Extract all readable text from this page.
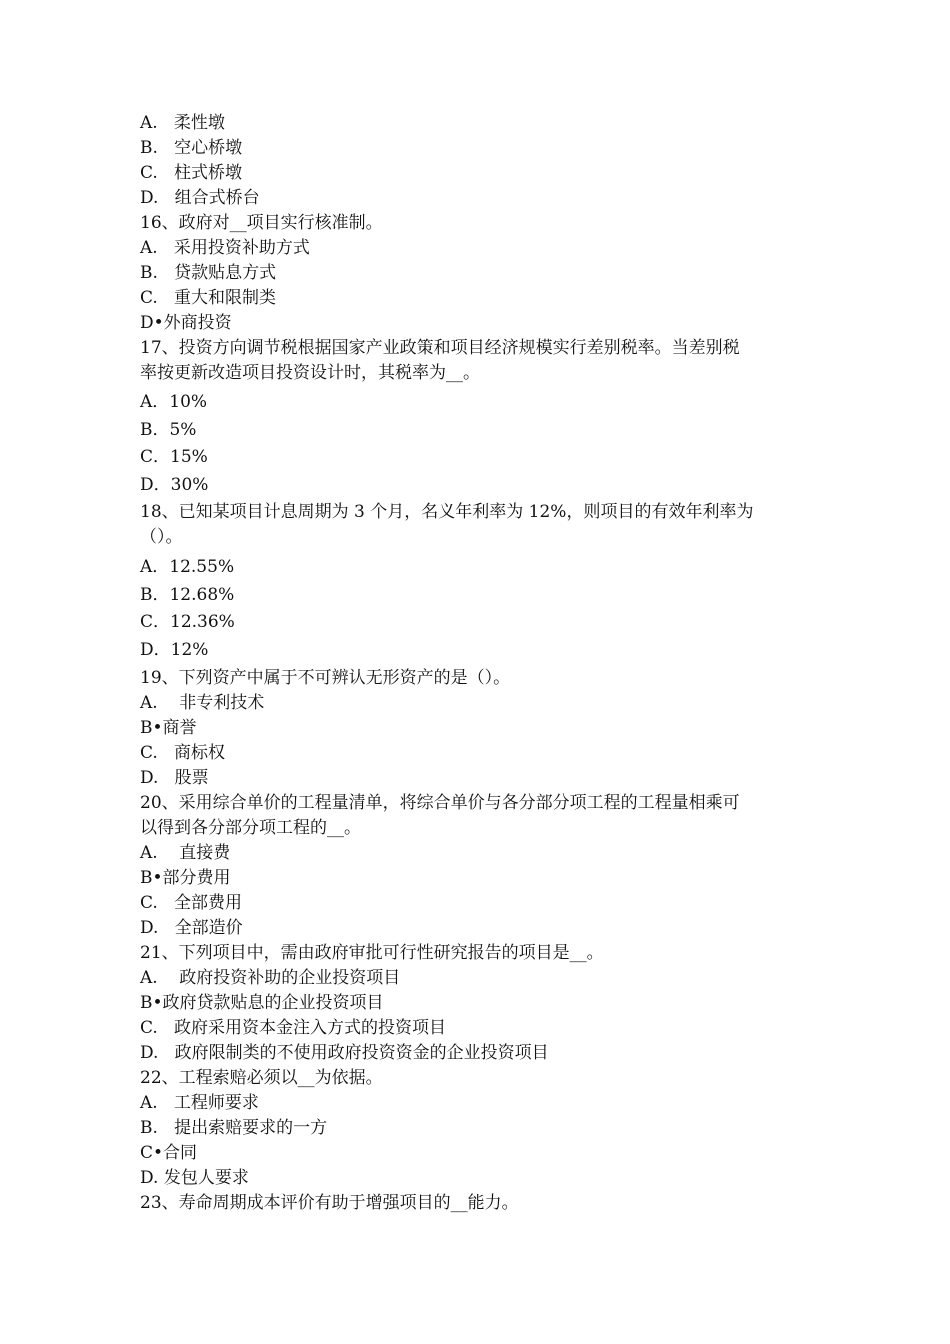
A.   柔性墩
B.   空心桥墩
C.   柱式桥墩
D.   组合式桥台
16、政府对__项目实行核准制。
A.   采用投资补助方式
B.   贷款贴息方式
C.   重大和限制类
D•外商投资
17、投资方向调节税根据国家产业政策和项目经济规模实行差别税率。当差别税
率按更新改造项目投资设计时，其税率为__。
A．10%
B．5%
C．15%
D．30%
18、已知某项目计息周期为 3 个月，名义年利率为 12%，则项目的有效年利率为
（）。
A．12.55%
B．12.68%
C．12.36%
D．12%
19、下列资产中属于不可辨认无形资产的是（）。
A.    非专利技术
B•商誉
C.   商标权
D.   股票
20、采用综合单价的工程量清单，将综合单价与各分部分项工程的工程量相乘可
以得到各分部分项工程的__。
A.    直接费
B•部分费用
C.   全部费用
D.   全部造价
21、下列项目中，需由政府审批可行性研究报告的项目是__。
A.    政府投资补助的企业投资项目
B•政府贷款贴息的企业投资项目
C.   政府采用资本金注入方式的投资项目
D.   政府限制类的不使用政府投资资金的企业投资项目
22、工程索赔必须以__为依据。
A.   工程师要求
B.   提出索赔要求的一方
C•合同
D. 发包人要求
23、寿命周期成本评价有助于增强项目的__能力。
